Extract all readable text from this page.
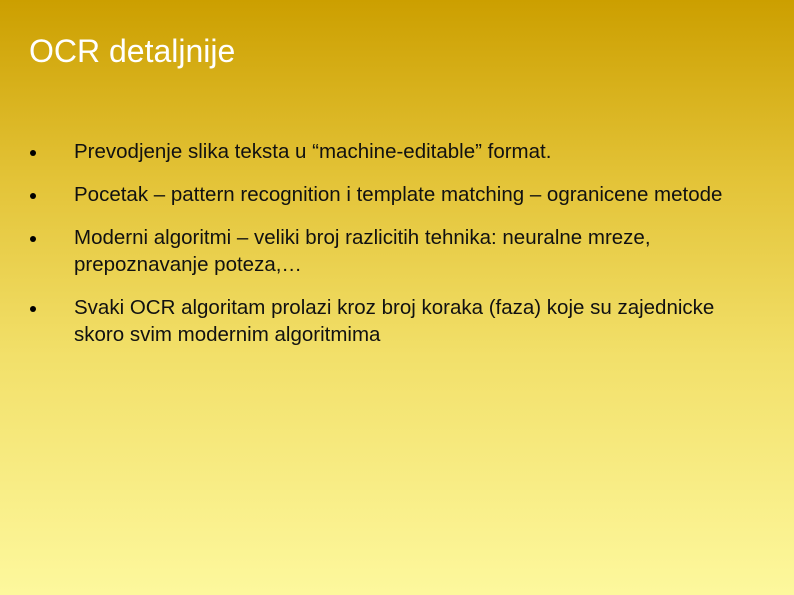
OCR detaljnije
Prevodjenje slika teksta u “machine-editable” format.
Pocetak – pattern recognition i template matching – ogranicene metode
Moderni algoritmi – veliki broj razlicitih tehnika: neuralne mreze, prepoznavanje poteza,…
Svaki OCR algoritam prolazi kroz broj koraka (faza) koje su zajednicke skoro svim modernim algoritmima
